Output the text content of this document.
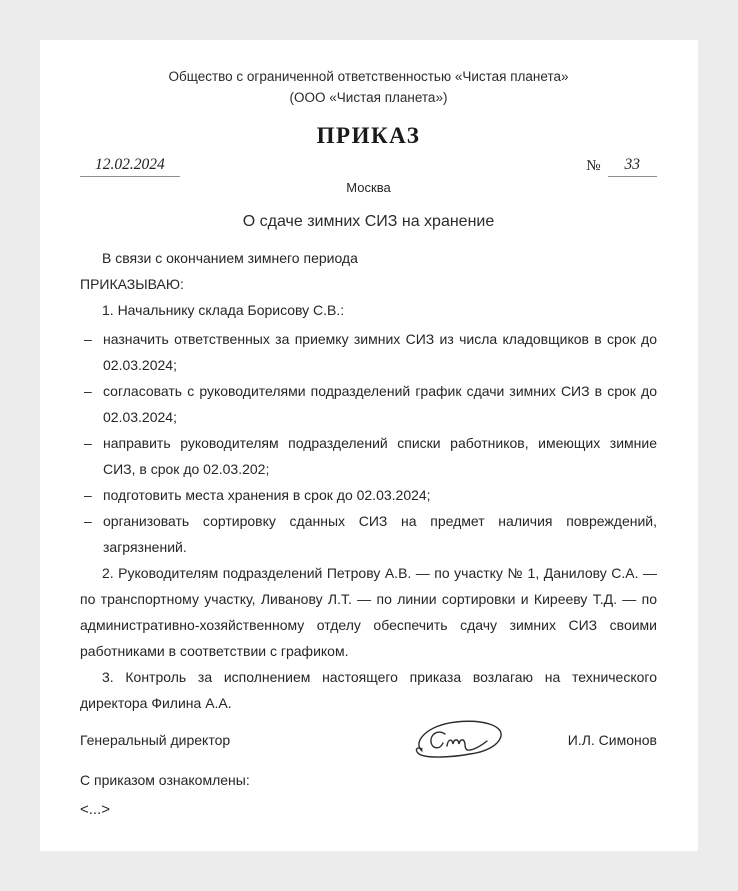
Общество с ограниченной ответственностью «Чистая планета»
(ООО «Чистая планета»)
ПРИКАЗ
12.02.2024	№	33
Москва
О сдаче зимних СИЗ на хранение

В связи с окончанием зимнего периода

ПРИКАЗЫВАЮ:

1. Начальнику склада Борисову С.В.:

– назначить ответственных за приемку зимних СИЗ из числа кладовщиков в срок до 02.03.2024;
– согласовать с руководителями подразделений график сдачи зимних СИЗ в срок до 02.03.2024;
– направить руководителям подразделений списки работников, имеющих зимние СИЗ, в срок до 02.03.202;
– подготовить места хранения в срок до 02.03.2024;
– организовать сортировку сданных СИЗ на предмет наличия повреждений, загрязнений.

2. Руководителям подразделений Петрову А.В. — по участку № 1, Данилову С.А. — по транспортному участку, Ливанову Л.Т. — по линии сортировки и Кирееву Т.Д. — по административно-хозяйственному отделу обеспечить сдачу зимних СИЗ своими работниками в соответствии с графиком.

3. Контроль за исполнением настоящего приказа возлагаю на технического директора Филина А.А.

Генеральный директор	И.Л. Симонов

С приказом ознакомлены:

<...>
